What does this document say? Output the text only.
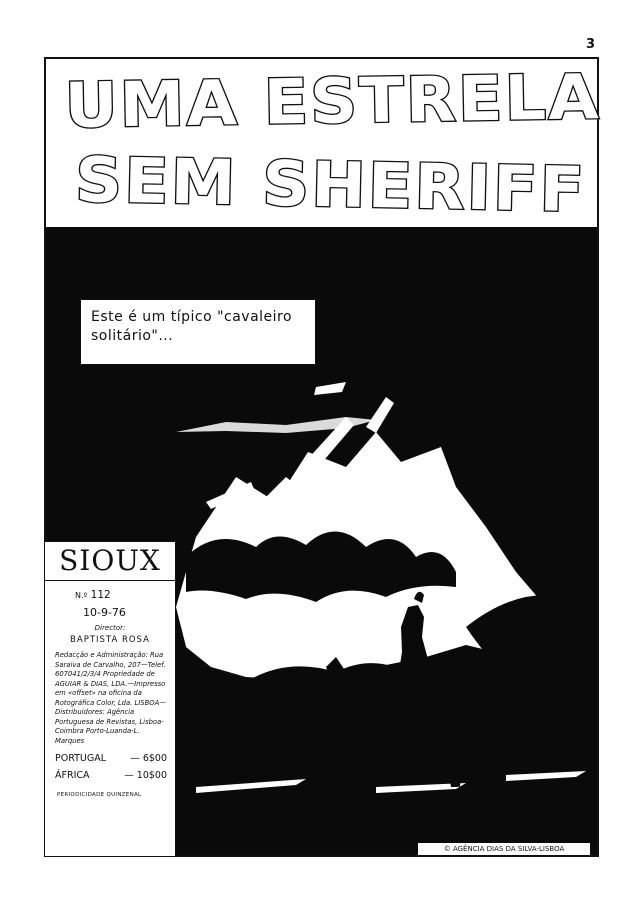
3
UMA ESTRELA
SEM SHERIFF
Este é um típico "cavaleiro solitário"...
© AGÊNCIA DIAS DA SILVA-LISBOA
SIOUX
N.º 112
10-9-76
Director:
BAPTISTA ROSA
Redacção e Administração: Rua Saraiva de Carvalho, 207—Telef. 607041/2/3/4 Propriedade de AGUIAR & DIAS, LDA.—Impresso em «offset» na oficina da Rotográfica Color, Lda. LISBOA—Distribuidores: Agência Portuguesa de Revistas, Lisboa-Coimbra Porto-Luanda-L. Marques
PORTUGAL	— 6$00
ÁFRICA	— 10$00
PERIODICIDADE QUINZENAL
